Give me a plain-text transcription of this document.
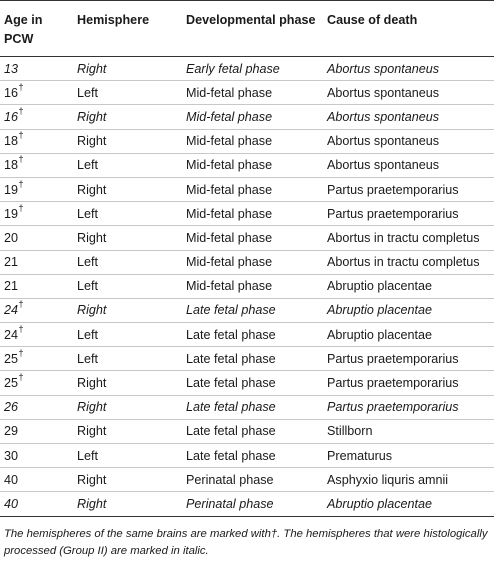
Age in PCW	Hemisphere	Developmental phase	Cause of death
13	Right	Early fetal phase	Abortus spontaneus
16†	Left	Mid-fetal phase	Abortus spontaneus
16†	Right	Mid-fetal phase	Abortus spontaneus
18†	Right	Mid-fetal phase	Abortus spontaneus
18†	Left	Mid-fetal phase	Abortus spontaneus
19†	Right	Mid-fetal phase	Partus praetemporarius
19†	Left	Mid-fetal phase	Partus praetemporarius
20	Right	Mid-fetal phase	Abortus in tractu completus
21	Left	Mid-fetal phase	Abortus in tractu completus
21	Left	Mid-fetal phase	Abruptio placentae
24†	Right	Late fetal phase	Abruptio placentae
24†	Left	Late fetal phase	Abruptio placentae
25†	Left	Late fetal phase	Partus praetemporarius
25†	Right	Late fetal phase	Partus praetemporarius
26	Right	Late fetal phase	Partus praetemporarius
29	Right	Late fetal phase	Stillborn
30	Left	Late fetal phase	Prematurus
40	Right	Perinatal phase	Asphyxio liquris amnii
40	Right	Perinatal phase	Abruptio placentae
The hemispheres of the same brains are marked with†. The hemispheres that were histologically processed (Group II) are marked in italic.
